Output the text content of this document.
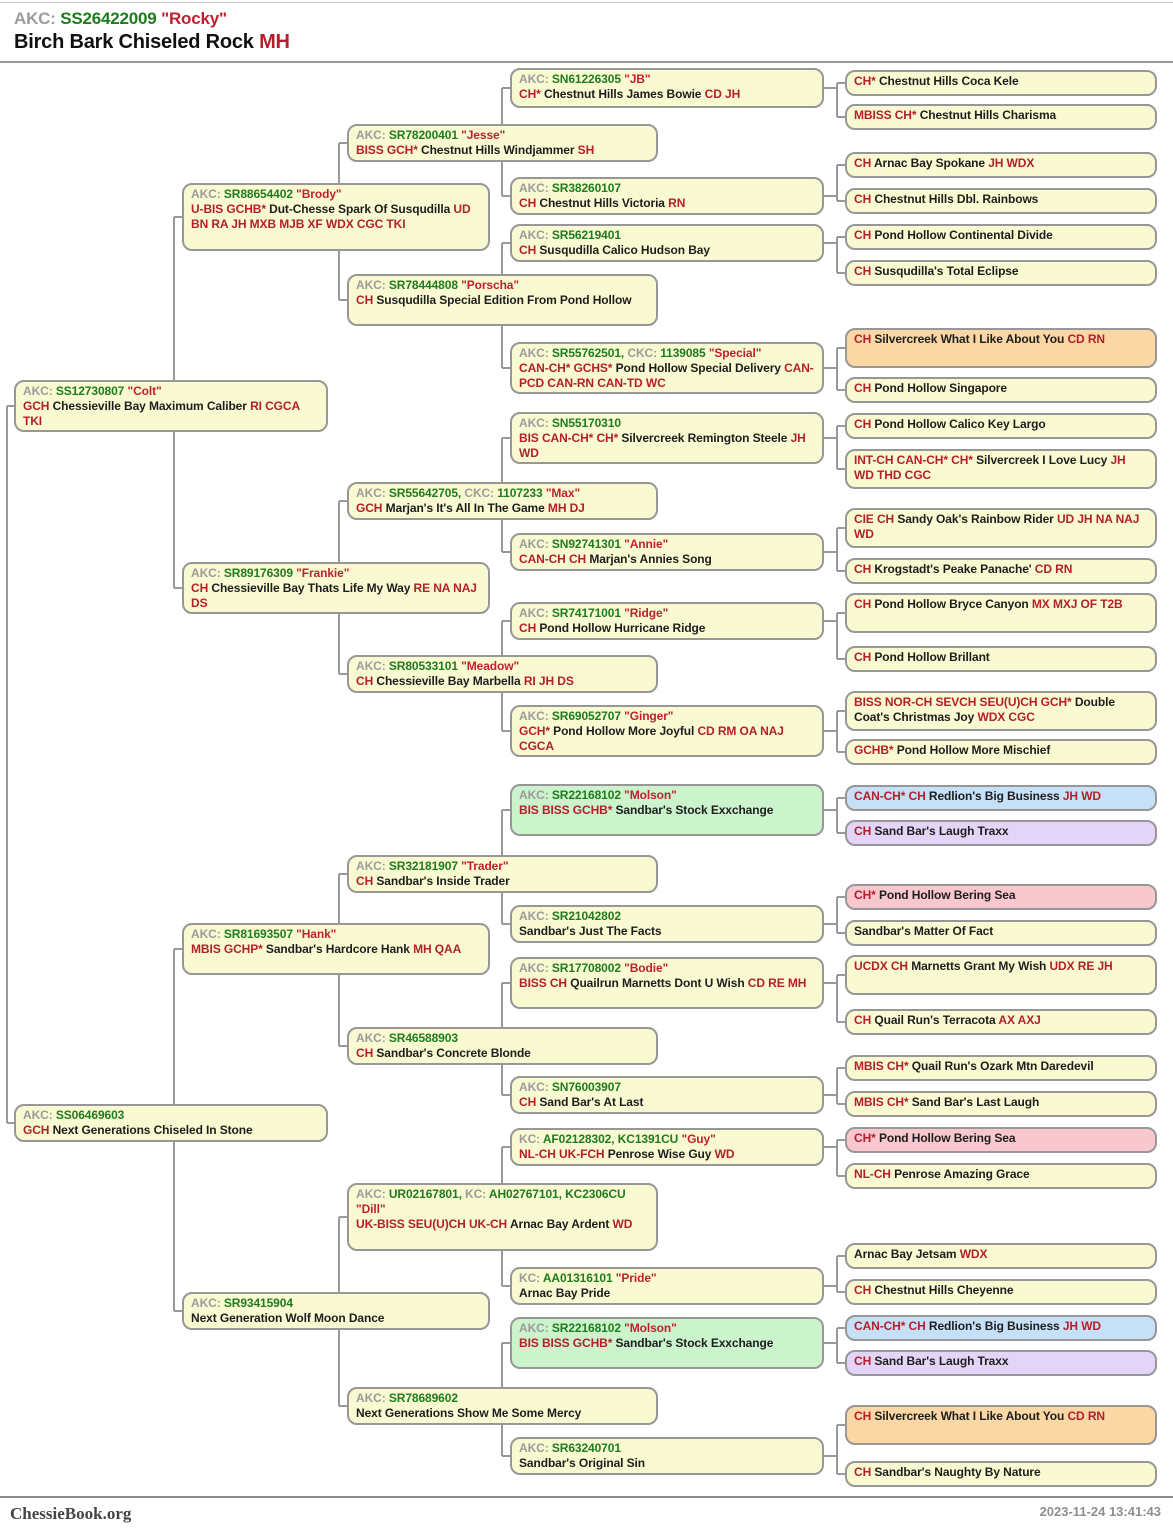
AKC: SS26422009 "Rocky"
Birch Bark Chiseled Rock MH
ChessieBook.org	2023-11-24 13:41:43
AKC: SS12730807 "Colt"
GCH Chessieville Bay Maximum Caliber RI CGCA TKI
AKC: SS06469603
GCH Next Generations Chiseled In Stone
AKC: SR88654402 "Brody"
U-BIS GCHB* Dut-Chesse Spark Of Susqudilla UD BN RA JH MXB MJB XF WDX CGC TKI
AKC: SR89176309 "Frankie"
CH Chessieville Bay Thats Life My Way RE NA NAJ DS
AKC: SR81693507 "Hank"
MBIS GCHP* Sandbar's Hardcore Hank MH QAA
AKC: SR93415904
Next Generation Wolf Moon Dance
AKC: SR78200401 "Jesse"
BISS GCH* Chestnut Hills Windjammer SH
AKC: SR78444808 "Porscha"
CH Susqudilla Special Edition From Pond Hollow
AKC: SR55642705, CKC: 1107233 "Max"
GCH Marjan's It's All In The Game MH DJ
AKC: SR80533101 "Meadow"
CH Chessieville Bay Marbella RI JH DS
AKC: SR32181907 "Trader"
CH Sandbar's Inside Trader
AKC: SR46588903
CH Sandbar's Concrete Blonde
AKC: UR02167801, KC: AH02767101, KC2306CU "Dill"
UK-BISS SEU(U)CH UK-CH Arnac Bay Ardent WD
AKC: SR78689602
Next Generations Show Me Some Mercy
AKC: SN61226305 "JB"
CH* Chestnut Hills James Bowie CD JH
AKC: SR38260107
CH Chestnut Hills Victoria RN
AKC: SR56219401
CH Susqudilla Calico Hudson Bay
AKC: SR55762501, CKC: 1139085 "Special"
CAN-CH* GCHS* Pond Hollow Special Delivery CAN-PCD CAN-RN CAN-TD WC
AKC: SN55170310
BIS CAN-CH* CH* Silvercreek Remington Steele JH WD
AKC: SN92741301 "Annie"
CAN-CH CH Marjan's Annies Song
AKC: SR74171001 "Ridge"
CH Pond Hollow Hurricane Ridge
AKC: SR69052707 "Ginger"
GCH* Pond Hollow More Joyful CD RM OA NAJ CGCA
AKC: SR22168102 "Molson"
BIS BISS GCHB* Sandbar's Stock Exxchange
AKC: SR21042802
Sandbar's Just The Facts
AKC: SR17708002 "Bodie"
BISS CH Quailrun Marnetts Dont U Wish CD RE MH
AKC: SN76003907
CH Sand Bar's At Last
KC: AF02128302, KC1391CU "Guy"
NL-CH UK-FCH Penrose Wise Guy WD
KC: AA01316101 "Pride"
Arnac Bay Pride
AKC: SR22168102 "Molson"
BIS BISS GCHB* Sandbar's Stock Exxchange
AKC: SR63240701
Sandbar's Original Sin
CH* Chestnut Hills Coca Kele
MBISS CH* Chestnut Hills Charisma
CH Arnac Bay Spokane JH WDX
CH Chestnut Hills Dbl. Rainbows
CH Pond Hollow Continental Divide
CH Susqudilla's Total Eclipse
CH Silvercreek What I Like About You CD RN
CH Pond Hollow Singapore
CH Pond Hollow Calico Key Largo
INT-CH CAN-CH* CH* Silvercreek I Love Lucy JH WD THD CGC
CIE CH Sandy Oak's Rainbow Rider UD JH NA NAJ WD
CH Krogstadt's Peake Panache' CD RN
CH Pond Hollow Bryce Canyon MX MXJ OF T2B
CH Pond Hollow Brillant
BISS NOR-CH SEVCH SEU(U)CH GCH* Double Coat's Christmas Joy WDX CGC
GCHB* Pond Hollow More Mischief
CAN-CH* CH Redlion's Big Business JH WD
CH Sand Bar's Laugh Traxx
CH* Pond Hollow Bering Sea
Sandbar's Matter Of Fact
UCDX CH Marnetts Grant My Wish UDX RE JH
CH Quail Run's Terracota AX AXJ
MBIS CH* Quail Run's Ozark Mtn Daredevil
MBIS CH* Sand Bar's Last Laugh
CH* Pond Hollow Bering Sea
NL-CH Penrose Amazing Grace
Arnac Bay Jetsam WDX
CH Chestnut Hills Cheyenne
CAN-CH* CH Redlion's Big Business JH WD
CH Sand Bar's Laugh Traxx
CH Silvercreek What I Like About You CD RN
CH Sandbar's Naughty By Nature
